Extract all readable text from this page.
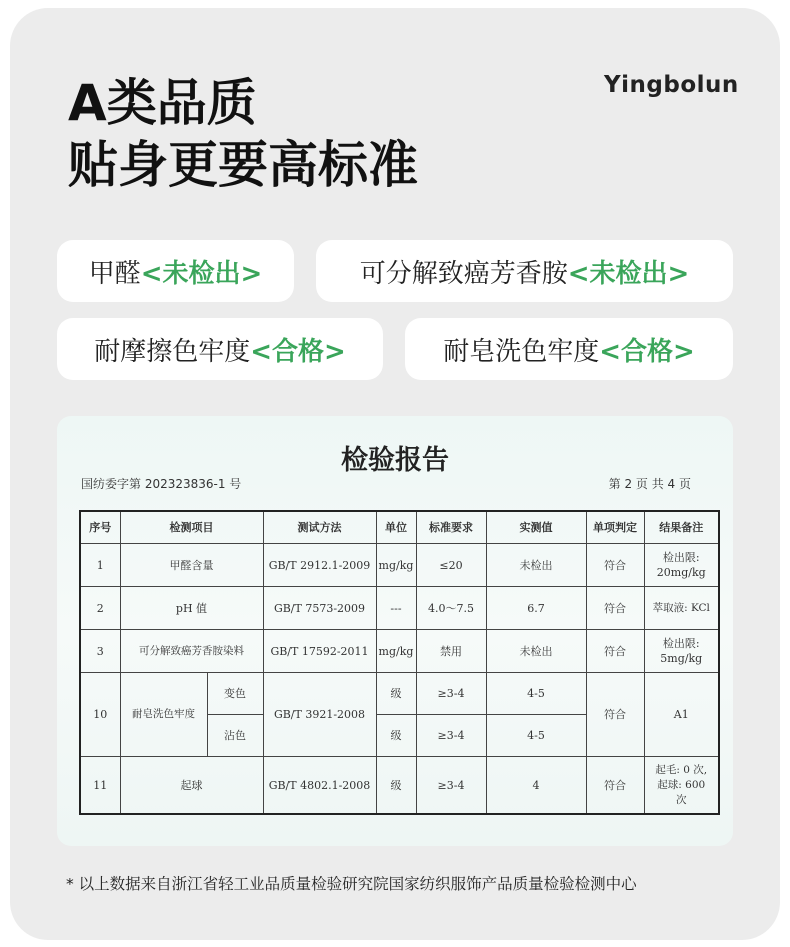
A类品质
贴身更要高标准
Yingbolun
甲醛 <未检出>	可分解致癌芳香胺 <未检出>
耐摩擦色牢度 <合格>	耐皂洗色牢度 <合格>
检验报告
国纺委字第 202323836-1 号	第 2 页 共 4 页
序号	检测项目		测试方法	单位	标准要求	实测值	单项判定	结果备注
1	甲醛含量		GB/T 2912.1-2009	mg/kg	≤20	未检出	符合	检出限:
20mg/kg
2	pH 值		GB/T 7573-2009	---	4.0～7.5	6.7	符合	萃取液: KCl
3	可分解致癌芳香胺染料		GB/T 17592-2011	mg/kg	禁用	未检出	符合	检出限:
5mg/kg
10	耐皂洗色牢度	变色	GB/T 3921-2008	级	≥3-4	4-5	符合	A1
		沾色		级	≥3-4	4-5		
11	起球		GB/T 4802.1-2008	级	≥3-4	4	符合	起毛: 0 次,
起球: 600
次
* 以上数据来自浙江省轻工业品质量检验研究院国家纺织服饰产品质量检验检测中心
